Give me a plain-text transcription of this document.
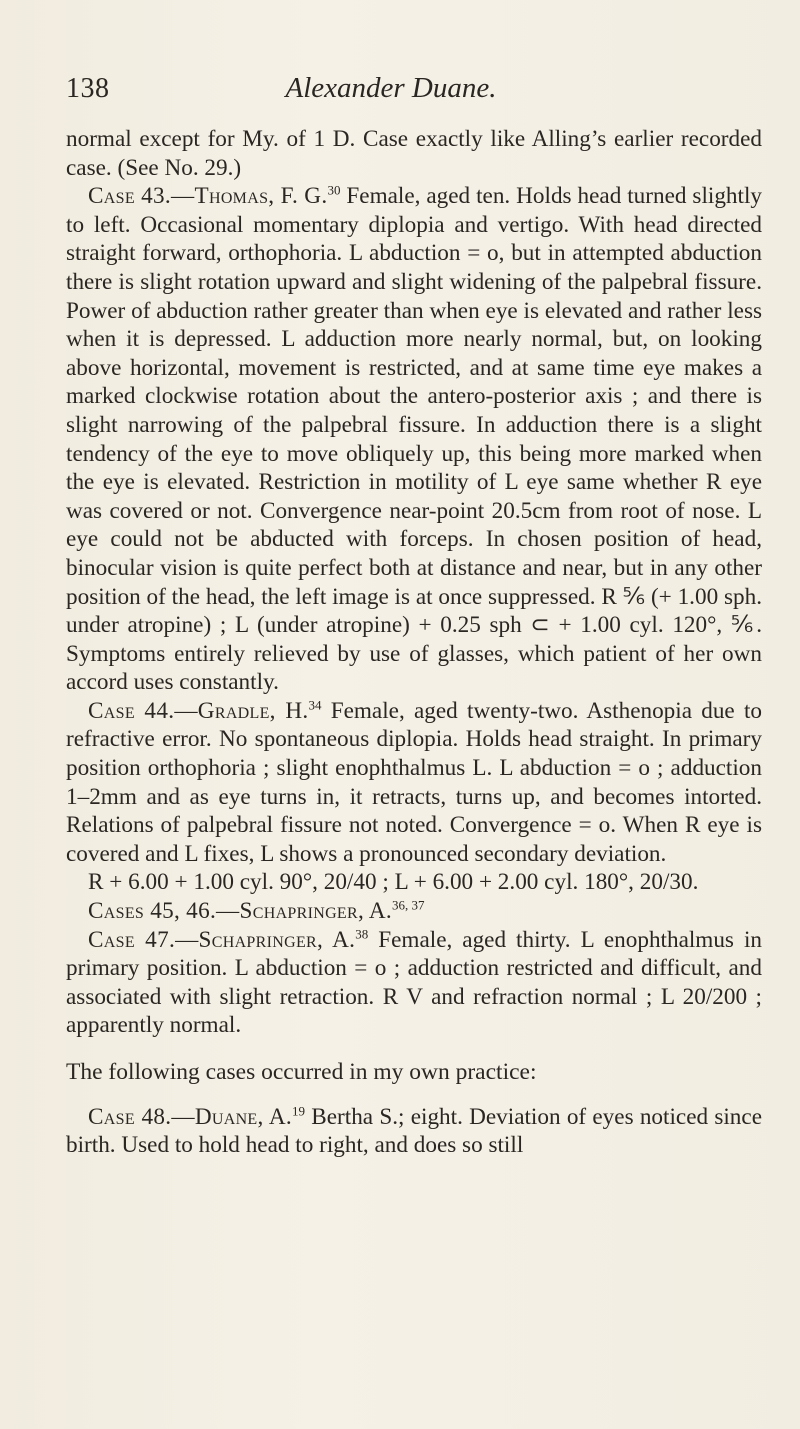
138	Alexander Duane.

normal except for My. of 1 D. Case exactly like Alling’s earlier recorded case. (See No. 29.)

Case 43.—Thomas, F. G.$^{30}$ Female, aged ten. Holds head turned slightly to left. Occasional momentary diplopia and vertigo. With head directed straight forward, orthophoria. L abduction = o, but in attempted abduction there is slight rotation upward and slight widening of the palpebral fissure. Power of abduction rather greater than when eye is elevated and rather less when it is depressed. L adduction more nearly normal, but, on looking above horizontal, movement is restricted, and at same time eye makes a marked clockwise rotation about the antero-posterior axis ; and there is slight narrowing of the palpebral fissure. In adduction there is a slight tendency of the eye to move obliquely up, this being more marked when the eye is elevated. Restriction in motility of L eye same whether R eye was covered or not. Convergence near-point 20.5cm from root of nose. L eye could not be abducted with forceps. In chosen position of head, binocular vision is quite perfect both at distance and near, but in any other position of the head, the left image is at once suppressed. R ⅚ (+ 1.00 sph. under atropine) ; L (under atropine) + 0.25 sph ⊂ + 1.00 cyl. 120°, ⅚. Symptoms entirely relieved by use of glasses, which patient of her own accord uses constantly.

Case 44.—Gradle, H.$^{34}$ Female, aged twenty-two. Asthenopia due to refractive error. No spontaneous diplopia. Holds head straight. In primary position orthophoria ; slight enophthalmus L. L abduction = o ; adduction 1–2mm and as eye turns in, it retracts, turns up, and becomes intorted. Relations of palpebral fissure not noted. Convergence = o. When R eye is covered and L fixes, L shows a pronounced secondary deviation.

R + 6.00 + 1.00 cyl. 90°, 20/40 ; L + 6.00 + 2.00 cyl. 180°, 20/30.

Cases 45, 46.—Schapringer, A.$^{36, 37}$

Case 47.—Schapringer, A.$^{38}$ Female, aged thirty. L enophthalmus in primary position. L abduction = o ; adduction restricted and difficult, and associated with slight retraction. R V and refraction normal ; L 20/200 ; apparently normal.

The following cases occurred in my own practice:

Case 48.—Duane, A.$^{19}$ Bertha S.; eight. Deviation of eyes noticed since birth. Used to hold head to right, and does so still
